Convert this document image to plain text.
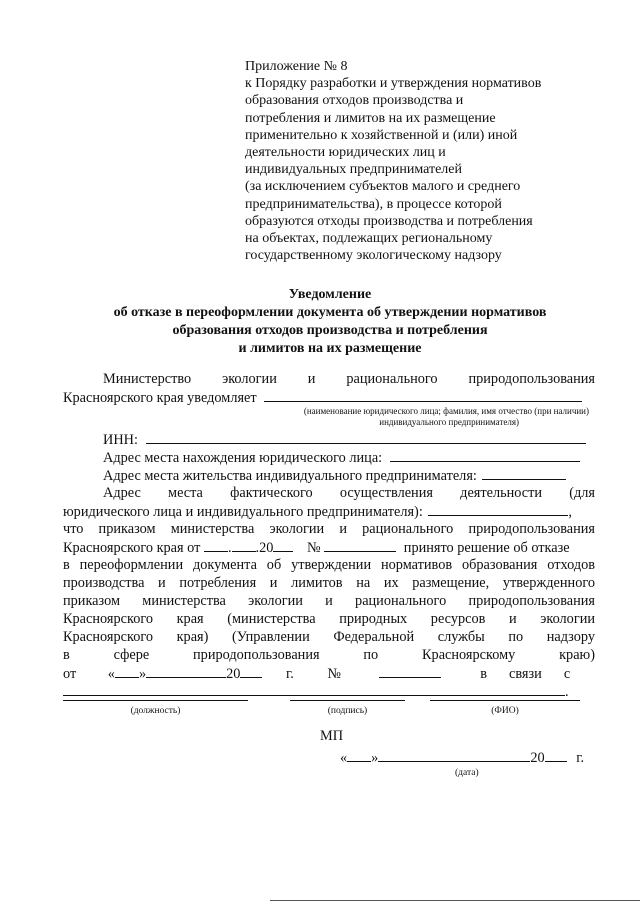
Приложение № 8
к Порядку разработки и утверждения нормативов
образования отходов производства и
потребления и лимитов на их размещение
применительно к хозяйственной и (или) иной
деятельности юридических лиц и
индивидуальных предпринимателей
(за исключением субъектов малого и среднего
предпринимательства), в процессе которой
образуются отходы производства и потребления
на объектах, подлежащих региональному
государственному экологическому надзору
Уведомление
об отказе в переоформлении документа об утверждении нормативов
образования отходов производства и потребления
и лимитов на их размещение
Министерство экологии и рационального природопользования
Красноярского края уведомляет
(наименование юридического лица; фамилия, имя отчество (при наличии)
индивидуального предпринимателя)
ИНН:
Адрес места нахождения юридического лица:
Адрес места жительства индивидуального предпринимателя:
Адрес места фактического осуществления деятельности (для
юридического лица и индивидуального предпринимателя):	,
что приказом министерства экологии и рационального природопользования
Красноярского края от . .20 №	принято решение об отказе
в переоформлении документа об утверждении нормативов образования отходов
производства и потребления и лимитов на их размещение, утвержденного
приказом министерства экологии и рационального природопользования
Красноярского края (министерства природных ресурсов и экологии
Красноярского края) (Управлении Федеральной службы по надзору
в сфере природопользования по Красноярскому краю)
от « »	20	г. №	в связи с
.
(должность)	(подпись)	(ФИО)
МП
« »	20 г.
(дата)
